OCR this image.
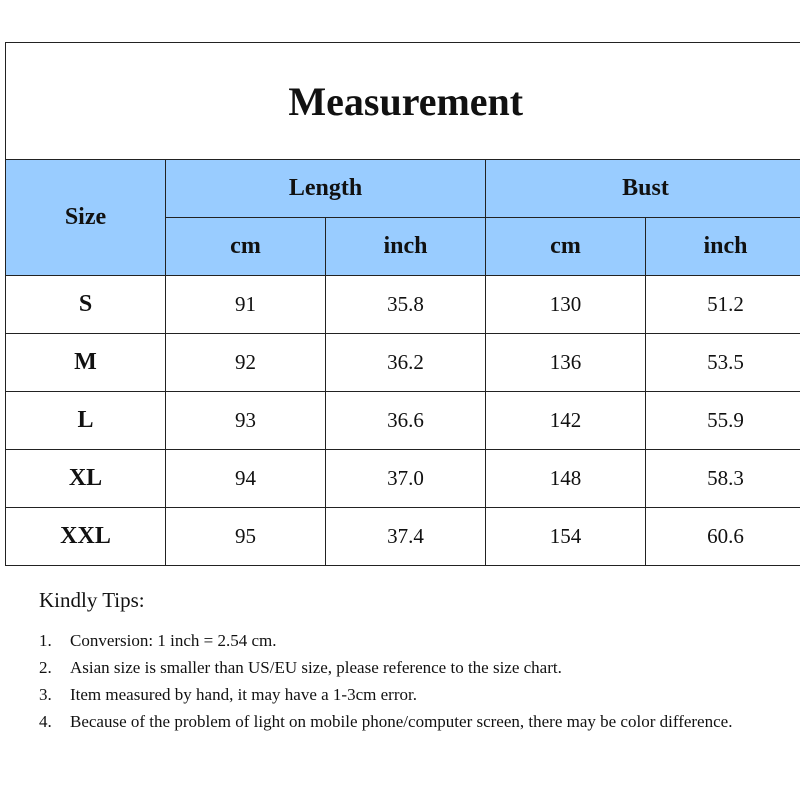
Measurement				
Size	Length		Bust	
	cm	inch	cm	inch
S	91	35.8	130	51.2
M	92	36.2	136	53.5
L	93	36.6	142	55.9
XL	94	37.0	148	58.3
XXL	95	37.4	154	60.6

Kindly Tips:

1.	Conversion: 1 inch = 2.54 cm.
2.	Asian size is smaller than US/EU size, please reference to the size chart.
3.	Item measured by hand, it may have a 1-3cm error.
4.	Because of the problem of light on mobile phone/computer screen, there may be color difference.
